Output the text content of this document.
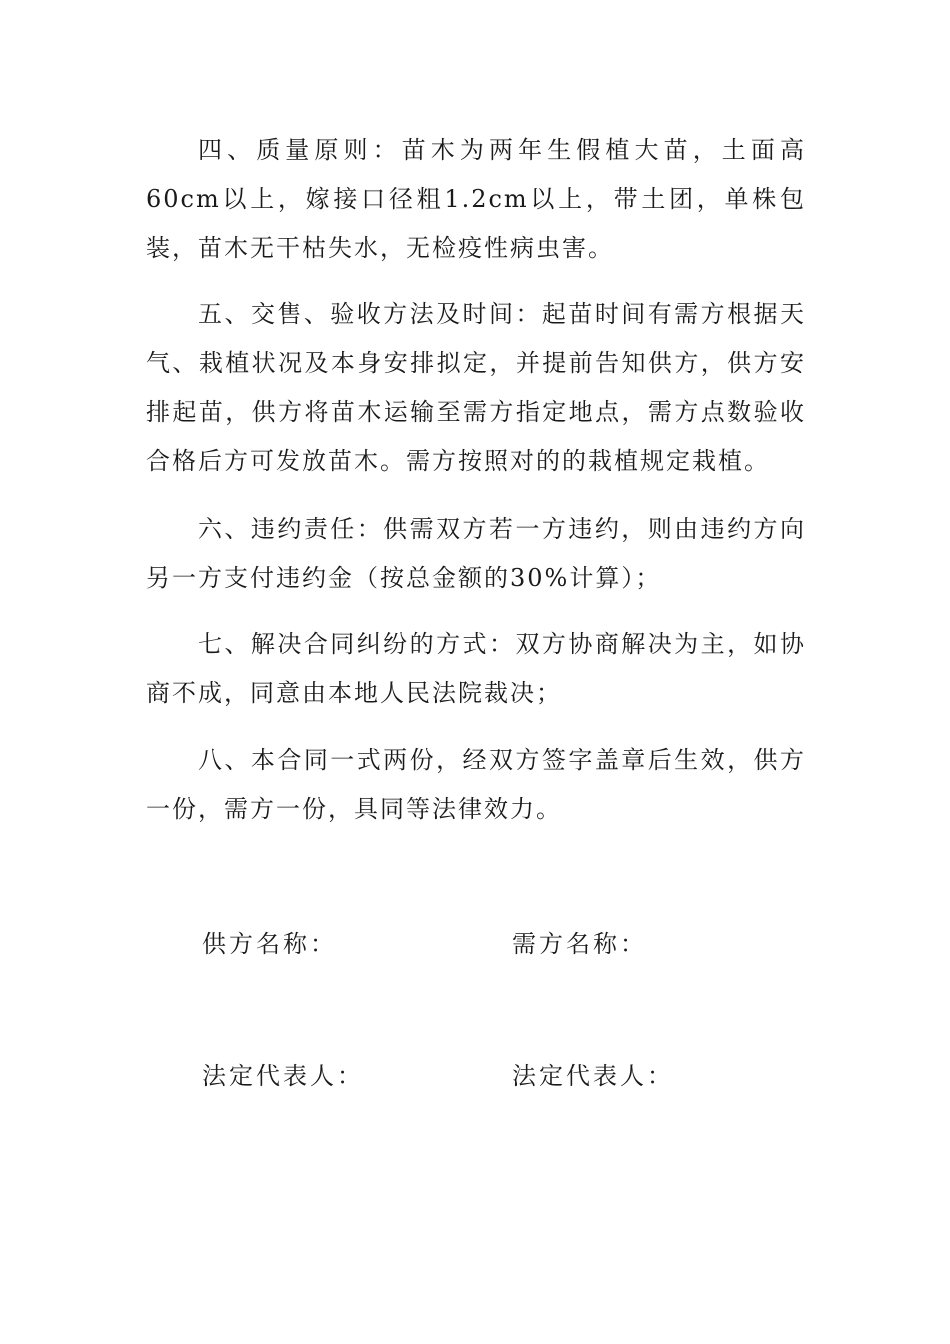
四、质量原则：苗木为两年生假植大苗，土面高60cm以上，嫁接口径粗1.2cm以上，带土团，单株包装，苗木无干枯失水，无检疫性病虫害。

五、交售、验收方法及时间：起苗时间有需方根据天气、栽植状况及本身安排拟定，并提前告知供方，供方安排起苗，供方将苗木运输至需方指定地点，需方点数验收合格后方可发放苗木。需方按照对的的栽植规定栽植。

六、违约责任：供需双方若一方违约，则由违约方向另一方支付违约金（按总金额的30%计算）；

七、解决合同纠纷的方式：双方协商解决为主，如协商不成，同意由本地人民法院裁决；

八、本合同一式两份，经双方签字盖章后生效，供方一份，需方一份，具同等法律效力。

供方名称：	需方名称：
法定代表人：	法定代表人：
